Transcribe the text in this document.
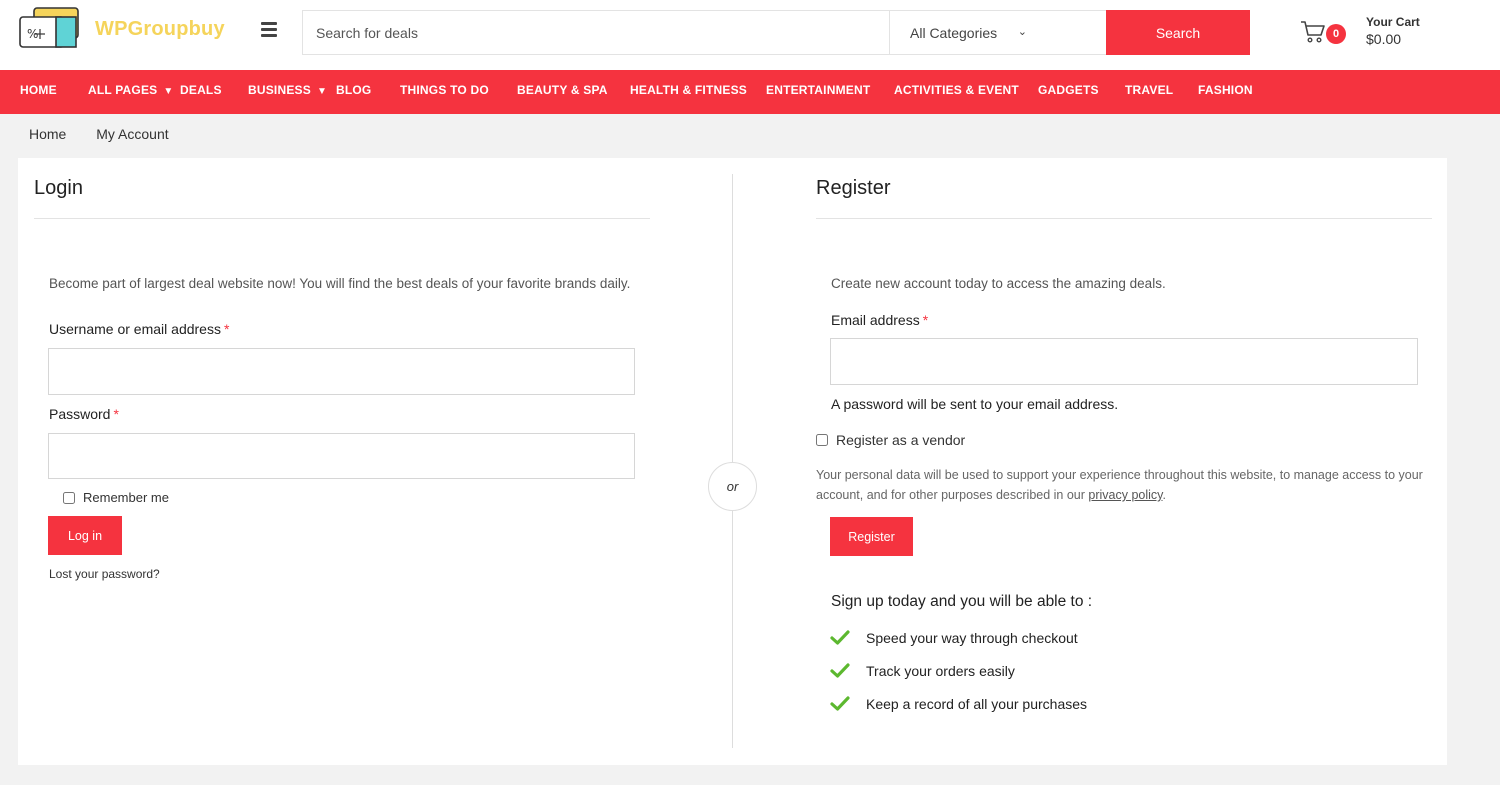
%	WPGroupbuy
Search for deals	All Categories ⌄	Search	0
Your Cart
$0.00
HOME	ALL PAGES ▼ DEALS BUSINESS ▼ BLOG THINGS TO DO BEAUTY & SPA HEALTH & FITNESS ENTERTAINMENT ACTIVITIES & EVENT GADGETS TRAVEL FASHION
Home My Account
or
Login
Become part of largest deal website now! You will find the best deals of your favorite brands daily.
Username or email address *
Password *
Remember me
Log in
Lost your password?
Register
Create new account today to access the amazing deals.
Email address *
A password will be sent to your email address.
Register as a vendor
Your personal data will be used to support your experience throughout this website, to manage access to your account, and for other purposes described in our privacy policy.
Register
Sign up today and you will be able to :
Speed your way through checkout
Track your orders easily
Keep a record of all your purchases
